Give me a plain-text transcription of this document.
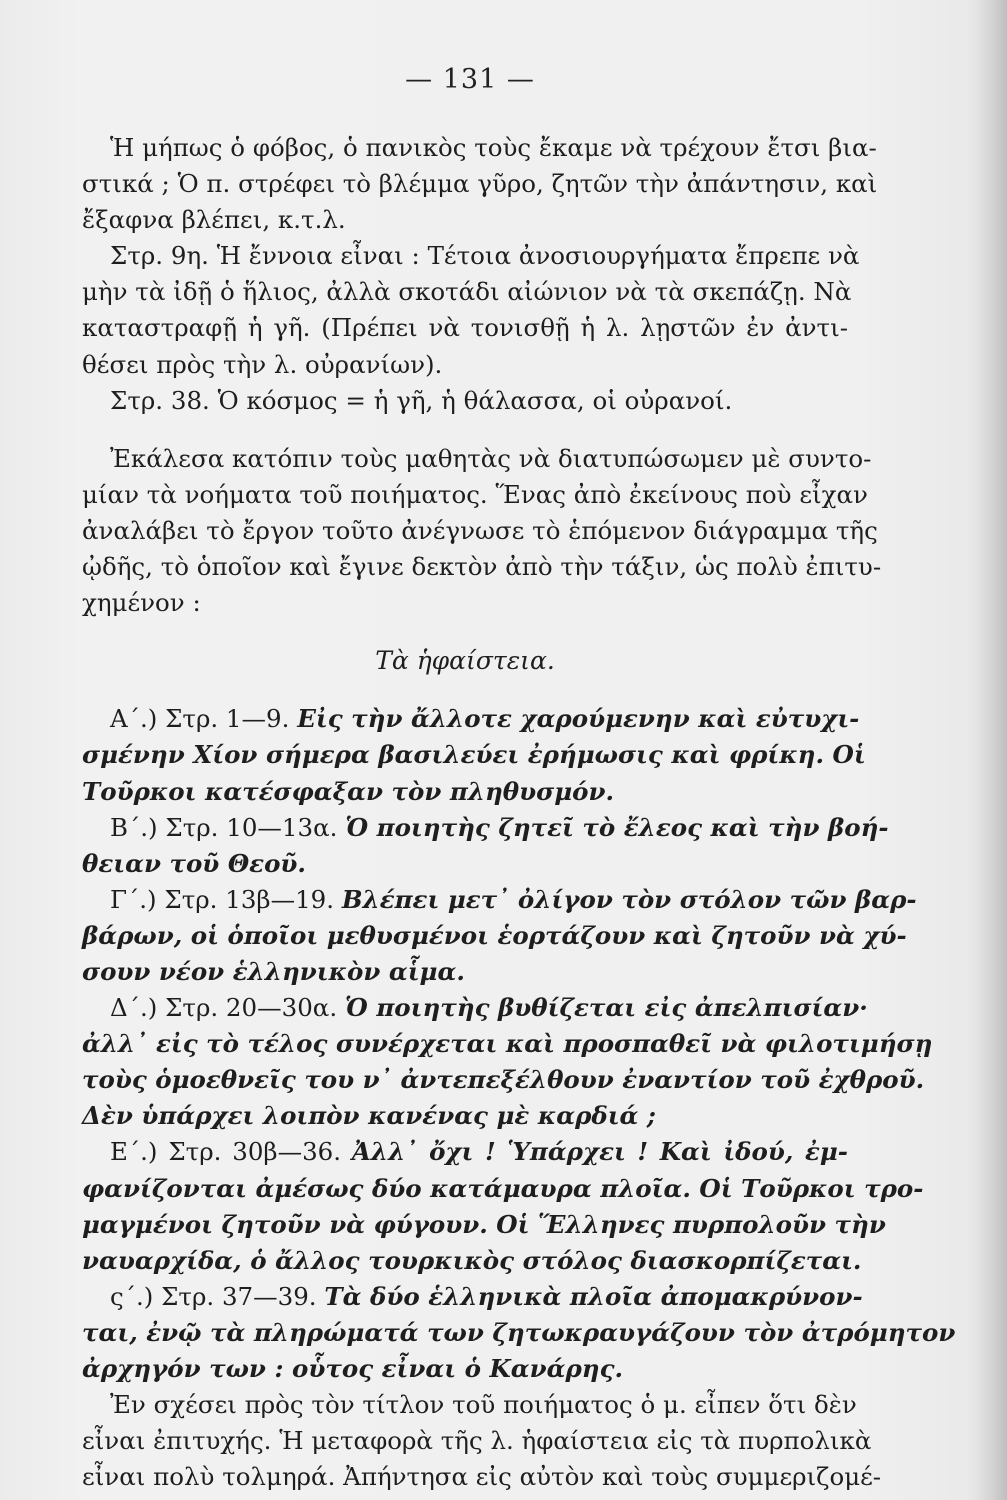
— 131 —
Ἡ μήπως ὁ φόβος, ὁ πανικὸς τοὺς ἔκαμε νὰ τρέχουν ἔτσι βια-
στικά ; Ὁ π. στρέφει τὸ βλέμμα γῦρο, ζητῶν τὴν ἀπάντησιν, καὶ
ἔξαφνα βλέπει, κ.τ.λ.
Στρ. 9η. Ἡ ἔννοια εἶναι : Τέτοια ἀνοσιουργήματα ἔπρεπε νὰ
μὴν τὰ ἰδῇ ὁ ἥλιος, ἀλλὰ σκοτάδι αἰώνιον νὰ τὰ σκεπάζῃ. Νὰ
καταστραφῇ ἡ γῆ. (Πρέπει νὰ τονισθῇ ἡ λ. λῃστῶν ἐν ἀντι-
θέσει πρὸς τὴν λ. οὐρανίων).
Στρ. 38. Ὁ κόσμος = ἡ γῆ, ἡ θάλασσα, οἱ οὐρανοί.
Ἐκάλεσα κατόπιν τοὺς μαθητὰς νὰ διατυπώσωμεν μὲ συντο-
μίαν τὰ νοήματα τοῦ ποιήματος. Ἕνας ἀπὸ ἐκείνους ποὺ εἶχαν
ἀναλάβει τὸ ἔργον τοῦτο ἀνέγνωσε τὸ ἑπόμενον διάγραμμα τῆς
ᾠδῆς, τὸ ὁποῖον καὶ ἔγινε δεκτὸν ἀπὸ τὴν τάξιν, ὡς πολὺ ἐπιτυ-
χημένον :
Τὰ ἡφαίστεια.
Α΄.) Στρ. 1—9. Εἰς τὴν ἄλλοτε χαρούμενην καὶ εὐτυχι-
σμένην Χίον σήμερα βασιλεύει ἐρήμωσις καὶ φρίκη. Οἱ
Τοῦρκοι κατέσφαξαν τὸν πληθυσμόν.
Β΄.) Στρ. 10—13α. Ὁ ποιητὴς ζητεῖ τὸ ἔλεος καὶ τὴν βοή-
θειαν τοῦ Θεοῦ.
Γ΄.) Στρ. 13β—19. Βλέπει μετ᾿ ὀλίγον τὸν στόλον τῶν βαρ-
βάρων, οἱ ὁποῖοι μεθυσμένοι ἑορτάζουν καὶ ζητοῦν νὰ χύ-
σουν νέον ἑλληνικὸν αἷμα.
Δ΄.) Στρ. 20—30α. Ὁ ποιητὴς βυθίζεται εἰς ἀπελπισίαν·
ἀλλ᾿ εἰς τὸ τέλος συνέρχεται καὶ προσπαθεῖ νὰ φιλοτιμήσῃ
τοὺς ὁμοεθνεῖς του ν᾿ ἀντεπεξέλθουν ἐναντίον τοῦ ἐχθροῦ.
Δὲν ὑπάρχει λοιπὸν κανένας μὲ καρδιά ;
Ε΄.) Στρ. 30β—36. Ἀλλ᾿ ὄχι ! Ὑπάρχει ! Καὶ ἰδού, ἐμ-
φανίζονται ἀμέσως δύο κατάμαυρα πλοῖα. Οἱ Τοῦρκοι τρο-
μαγμένοι ζητοῦν νὰ φύγουν. Οἱ Ἕλληνες πυρπολοῦν τὴν
ναυαρχίδα, ὁ ἄλλος τουρκικὸς στόλος διασκορπίζεται.
ς΄.) Στρ. 37—39. Τὰ δύο ἑλληνικὰ πλοῖα ἀπομακρύνον-
ται, ἐνῷ τὰ πληρώματά των ζητωκραυγάζουν τὸν ἀτρόμητον
ἀρχηγόν των : οὗτος εἶναι ὁ Κανάρης.
Ἐν σχέσει πρὸς τὸν τίτλον τοῦ ποιήματος ὁ μ. εἶπεν ὅτι δὲν
εἶναι ἐπιτυχής. Ἡ μεταφορὰ τῆς λ. ἡφαίστεια εἰς τὰ πυρπολικὰ
εἶναι πολὺ τολμηρά. Ἀπήντησα εἰς αὐτὸν καὶ τοὺς συμμεριζομέ-
